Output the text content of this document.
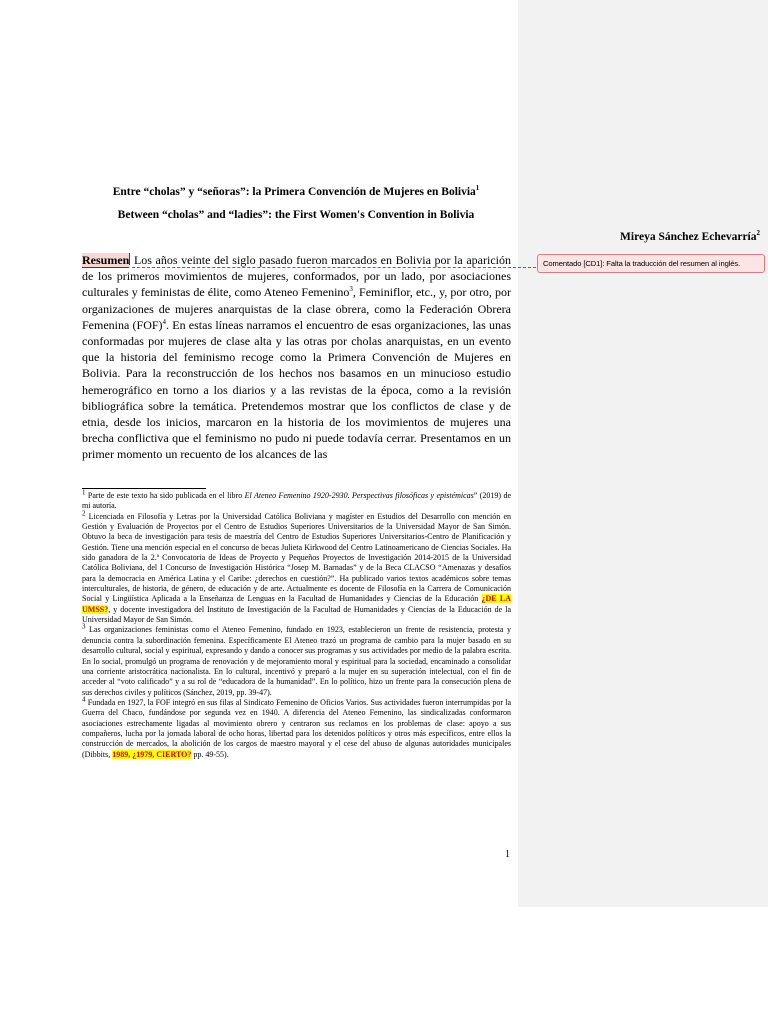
Entre “cholas” y “señoras”: la Primera Convención de Mujeres en Bolivia$^1$
Between “cholas” and “ladies”: the First Women's Convention in Bolivia
Mireya Sánchez Echevarría$^2$
Resumen Los años veinte del siglo pasado fueron marcados en Bolivia por la aparición de los primeros movimientos de mujeres, conformados, por un lado, por asociaciones culturales y feministas de élite, como Ateneo Femenino$^3$, Feminiflor, etc., y, por otro, por organizaciones de mujeres anarquistas de la clase obrera, como la Federación Obrera Femenina (FOF)$^4$. En estas líneas narramos el encuentro de esas organizaciones, las unas conformadas por mujeres de clase alta y las otras por cholas anarquistas, en un evento que la historia del feminismo recoge como la Primera Convención de Mujeres en Bolivia. Para la reconstrucción de los hechos nos basamos en un minucioso estudio hemerográfico en torno a los diarios y a las revistas de la época, como a la revisión bibliográfica sobre la temática. Pretendemos mostrar que los conflictos de clase y de etnia, desde los inicios, marcaron en la historia de los movimientos de mujeres una brecha conflictiva que el feminismo no pudo ni puede todavía cerrar. Presentamos en un primer momento un recuento de los alcances de las

$^1$ Parte de este texto ha sido publicada en el libro El Ateneo Femenino 1920-2930. Perspectivas filosóficas y epistémicas” (2019) de mi autoría.

$^2$ Licenciada en Filosofía y Letras por la Universidad Católica Boliviana y magíster en Estudios del Desarrollo con mención en Gestión y Evaluación de Proyectos por el Centro de Estudios Superiores Universitarios de la Universidad Mayor de San Simón. Obtuvo la beca de investigación para tesis de maestría del Centro de Estudios Superiores Universitarios-Centro de Planificación y Gestión. Tiene una mención especial en el concurso de becas Julieta Kirkwood del Centro Latinoamericano de Ciencias Sociales. Ha sido ganadora de la 2.ª Convocatoria de Ideas de Proyecto y Pequeños Proyectos de Investigación 2014-2015 de la Universidad Católica Boliviana, del I Concurso de Investigación Histórica “Josep M. Barnadas” y de la Beca CLACSO “Amenazas y desafíos para la democracia en América Latina y el Caribe: ¿derechos en cuestión?”. Ha publicado varios textos académicos sobre temas interculturales, de historia, de género, de educación y de arte. Actualmente es docente de Filosofía en la Carrera de Comunicación Social y Lingüística Aplicada a la Enseñanza de Lenguas en la Facultad de Humanidades y Ciencias de la Educación ¿DE LA UMSS?, y docente investigadora del Instituto de Investigación de la Facultad de Humanidades y Ciencias de la Educación de la Universidad Mayor de San Simón.

$^3$ Las organizaciones feministas como el Ateneo Femenino, fundado en 1923, establecieron un frente de resistencia, protesta y denuncia contra la subordinación femenina. Específicamente El Ateneo trazó un programa de cambio para la mujer basado en su desarrollo cultural, social y espiritual, expresando y dando a conocer sus programas y sus actividades por medio de la palabra escrita. En lo social, promulgó un programa de renovación y de mejoramiento moral y espiritual para la sociedad, encaminado a consolidar una corriente aristocrática nacionalista. En lo cultural, incentivó y preparó a la mujer en su superación intelectual, con el fin de acceder al “voto calificado” y a su rol de “educadora de la humanidad”. En lo político, hizo un frente para la consecución plena de sus derechos civiles y políticos (Sánchez, 2019, pp. 39-47).

$^4$ Fundada en 1927, la FOF integró en sus filas al Sindicato Femenino de Oficios Varios. Sus actividades fueron interrumpidas por la Guerra del Chaco, fundándose por segunda vez en 1940. A diferencia del Ateneo Femenino, las sindicalizadas conformaron asociaciones estrechamente ligadas al movimiento obrero y centraron sus reclamos en los problemas de clase: apoyo a sus compañeros, lucha por la jornada laboral de ocho horas, libertad para los detenidos políticos y otros más específicos, entre ellos la construcción de mercados, la abolición de los cargos de maestro mayoral y el cese del abuso de algunas autoridades municipales (Dibbits, 1989, ¿1979, CIERTO? pp. 49-55).

1
Comentado [CD1]: Falta la traducción del resumen al inglés.
